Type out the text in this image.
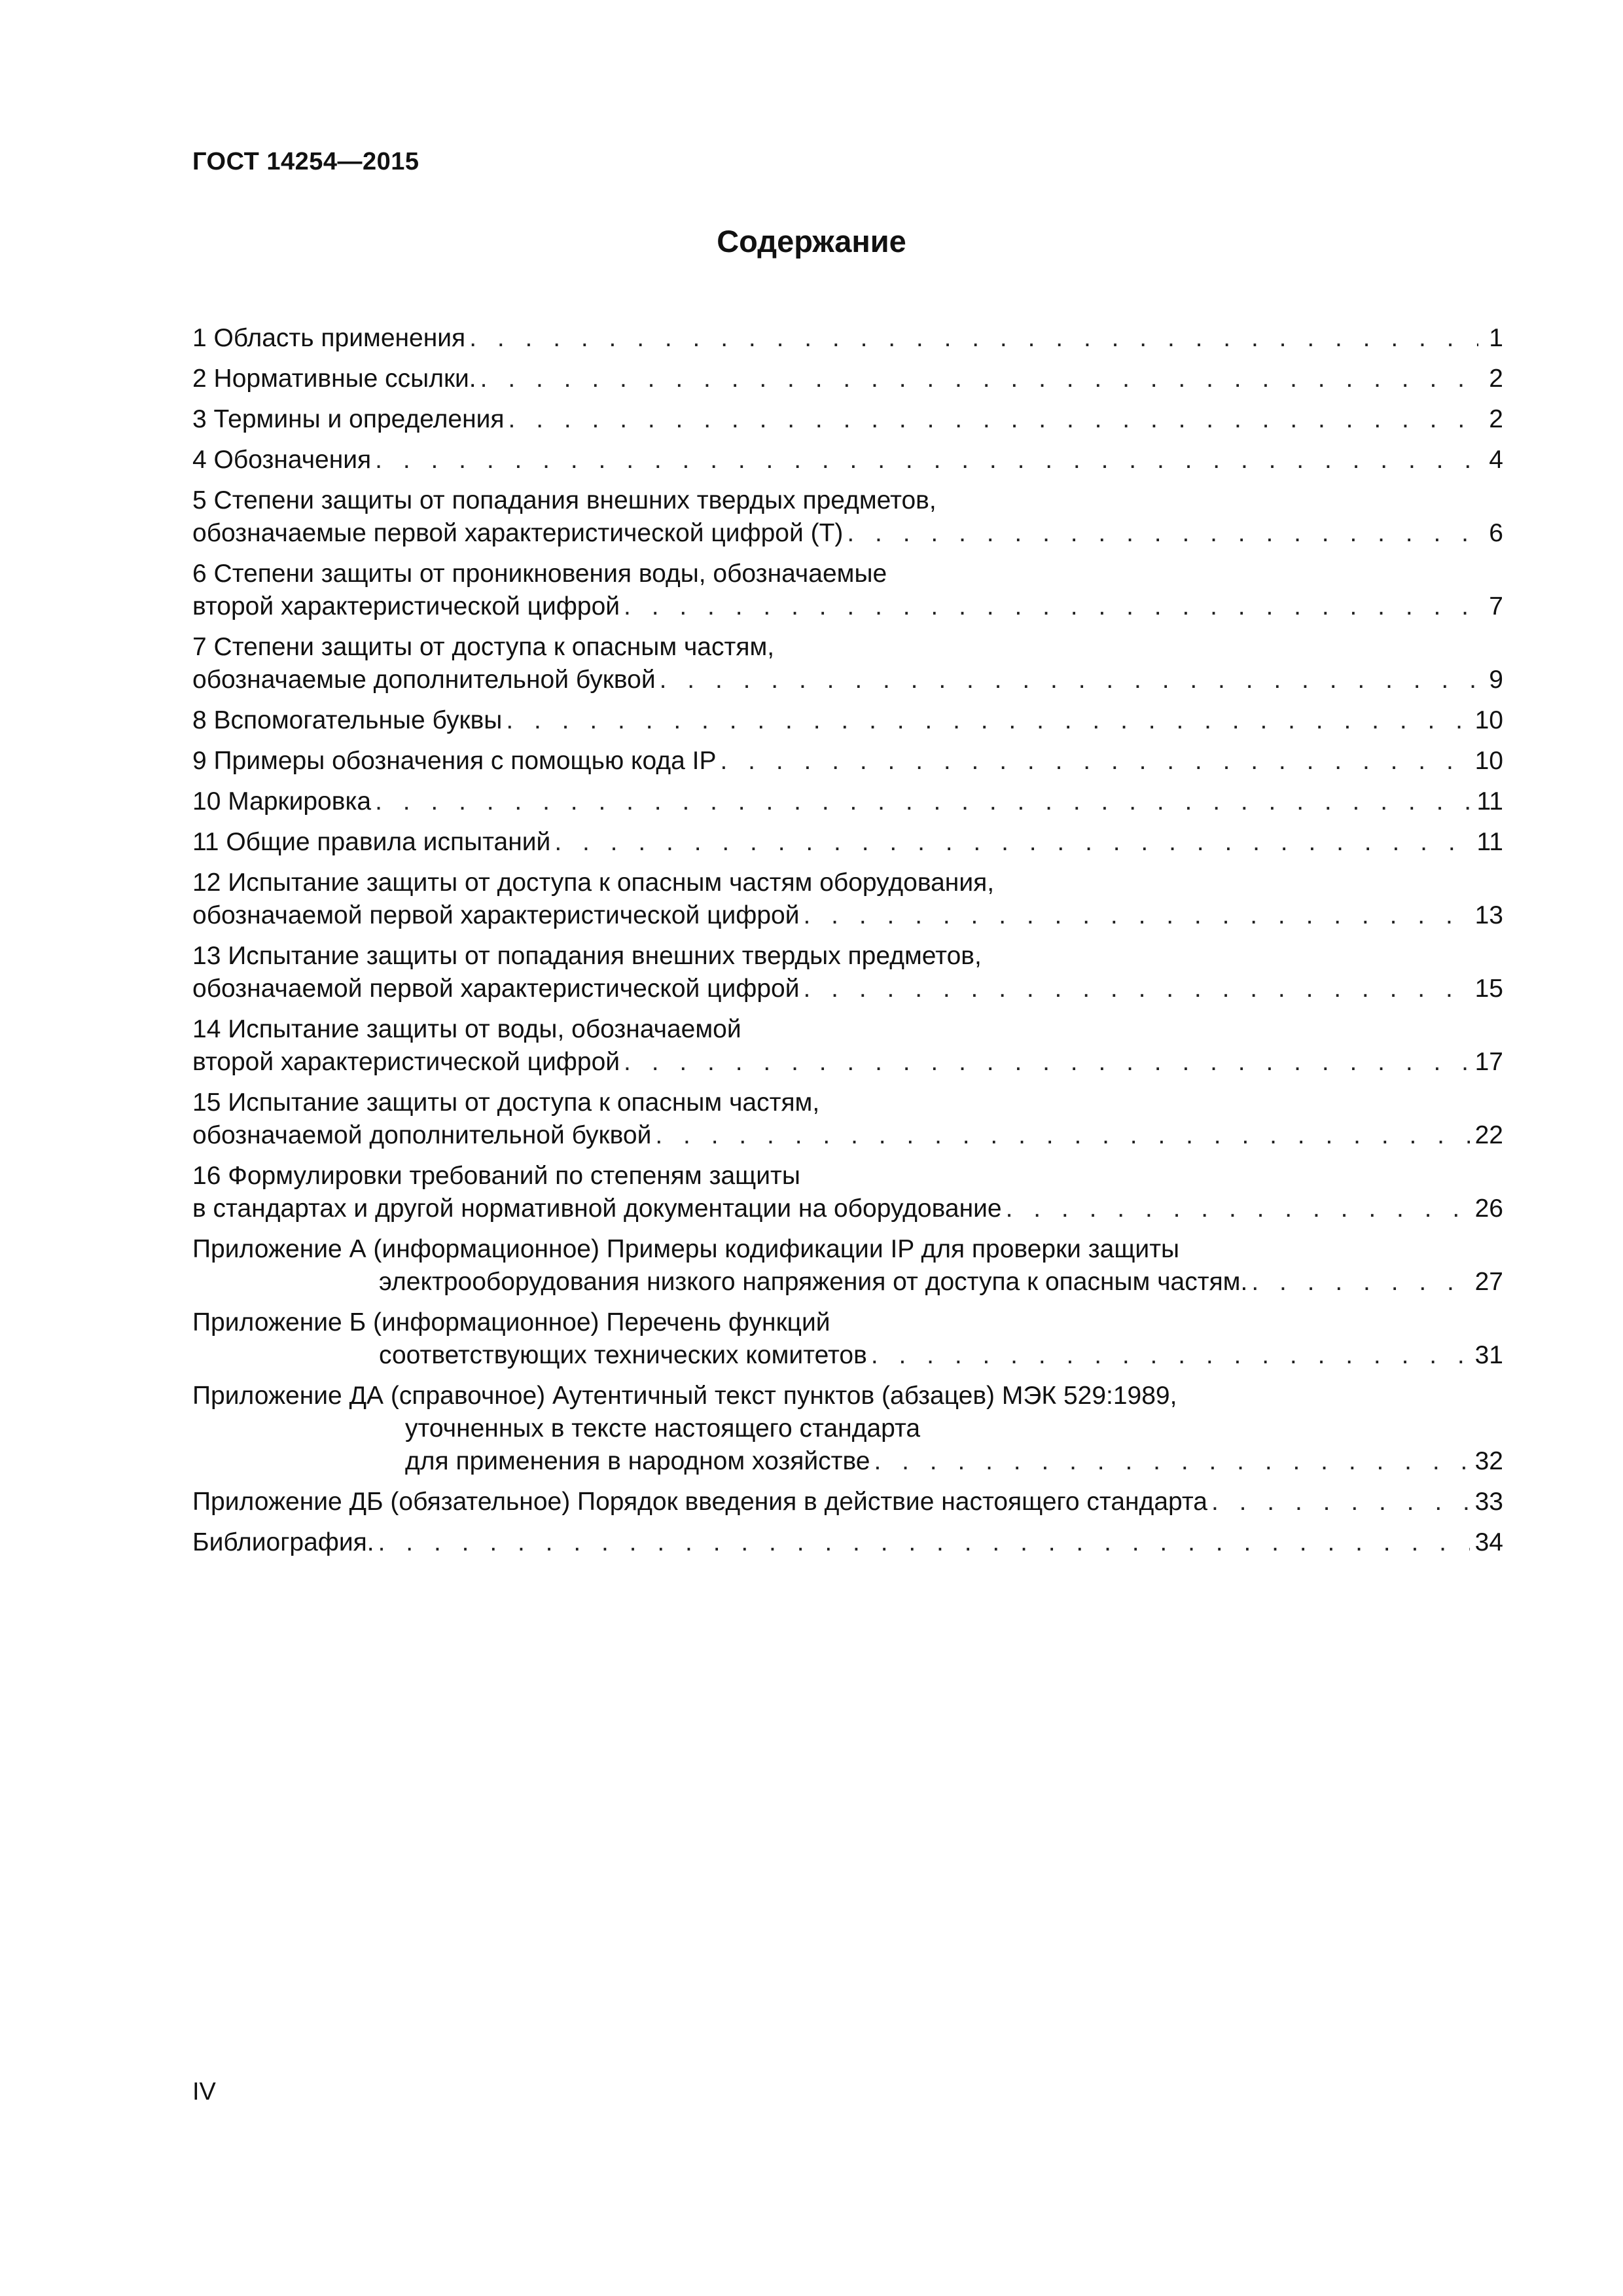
ГОСТ 14254—2015
Содержание
1 Область применения . . .	1
2 Нормативные ссылки. . . .	2
3 Термины и определения . . .	2
4 Обозначения . . .	4
5 Степени защиты от попадания внешних твердых предметов,
обозначаемые первой характеристической цифрой (Т) . . .	6
6 Степени защиты от проникновения воды, обозначаемые
второй характеристической цифрой . . .	7
7 Степени защиты от доступа к опасным частям,
обозначаемые дополнительной буквой . . .	9
8 Вспомогательные буквы . . .	10
9 Примеры обозначения с помощью кода IP . . .	10
10 Маркировка . . .	11
11 Общие правила испытаний . . .	11
12 Испытание защиты от доступа к опасным частям оборудования,
обозначаемой первой характеристической цифрой . . .	13
13 Испытание защиты от попадания внешних твердых предметов,
обозначаемой первой характеристической цифрой . . .	15
14 Испытание защиты от воды, обозначаемой
второй характеристической цифрой . . .	17
15 Испытание защиты от доступа к опасным частям,
обозначаемой дополнительной буквой . . .	22
16 Формулировки требований по степеням защиты
в стандартах и другой нормативной документации на оборудование . . .	26
Приложение А (информационное) Примеры кодификации IP для проверки защиты
электрооборудования низкого напряжения от доступа к опасным частям. . . .	27
Приложение Б (информационное) Перечень функций
соответствующих технических комитетов . . .	31
Приложение ДА (справочное) Аутентичный текст пунктов (абзацев) МЭК 529:1989,
уточненных в тексте настоящего стандарта
для применения в народном хозяйстве . . .	32
Приложение ДБ (обязательное) Порядок введения в действие настоящего стандарта . . .	33
Библиография. . . .	34
IV
